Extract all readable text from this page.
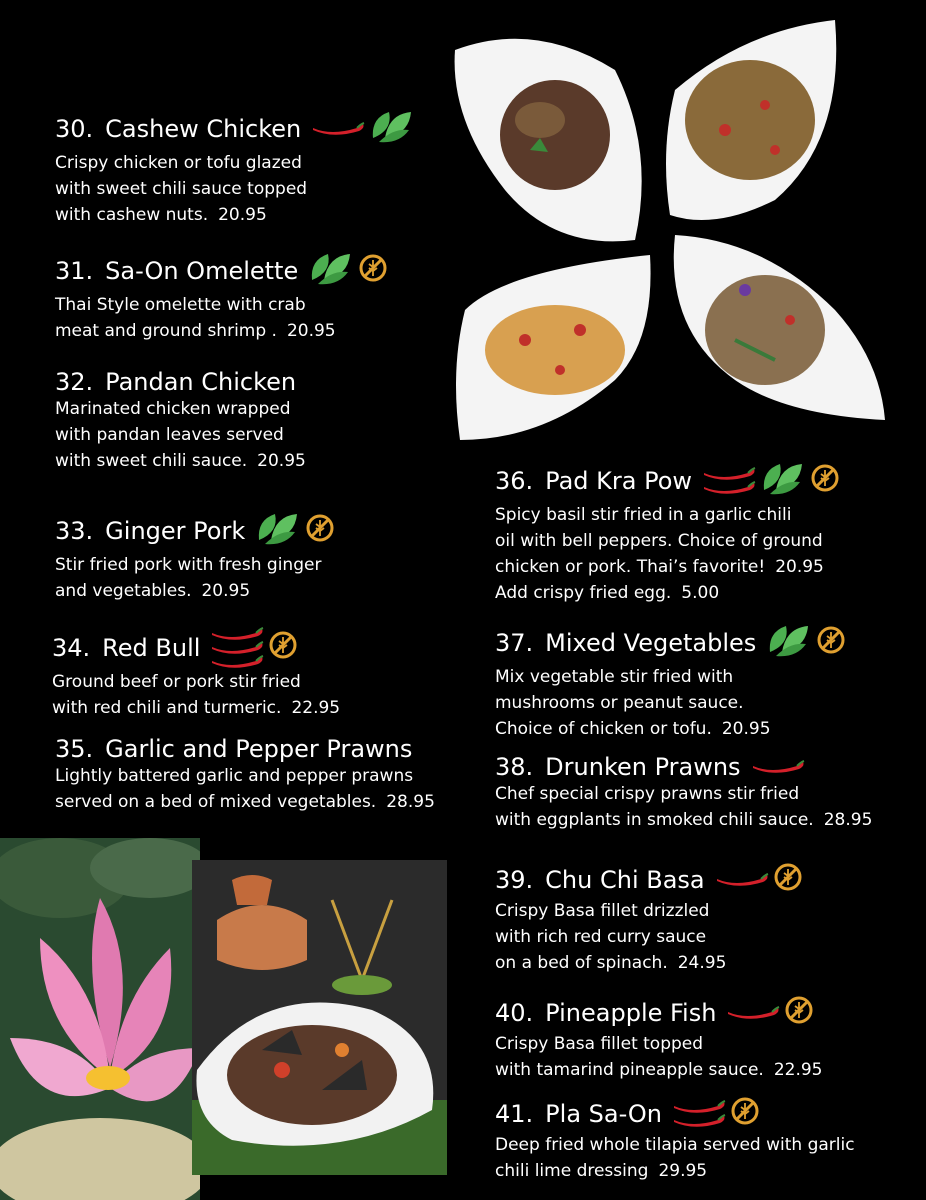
30. Cashew Chicken
Crispy chicken or tofu glazed
with sweet chili sauce topped
with cashew nuts. 20.95
31. Sa-On Omelette
Thai Style omelette with crab
meat and ground shrimp . 20.95
32. Pandan Chicken
Marinated chicken wrapped
with pandan leaves served
with sweet chili sauce. 20.95
33. Ginger Pork
Stir fried pork with fresh ginger
and vegetables. 20.95
34. Red Bull
Ground beef or pork stir fried
with red chili and turmeric. 22.95
35. Garlic and Pepper Prawns
Lightly battered garlic and pepper prawns
served on a bed of mixed vegetables. 28.95
36. Pad Kra Pow
Spicy basil stir fried in a garlic chili
oil with bell peppers. Choice of ground
chicken or pork. Thai’s favorite! 20.95
Add crispy fried egg. 5.00
37. Mixed Vegetables
Mix vegetable stir fried with
mushrooms or peanut sauce.
Choice of chicken or tofu. 20.95
38. Drunken Prawns
Chef special crispy prawns stir fried
with eggplants in smoked chili sauce. 28.95
39. Chu Chi Basa
Crispy Basa fillet drizzled
with rich red curry sauce
on a bed of spinach. 24.95
40. Pineapple Fish
Crispy Basa fillet topped
with tamarind pineapple sauce. 22.95
41. Pla Sa-On
Deep fried whole tilapia served with garlic
chili lime dressing 29.95
